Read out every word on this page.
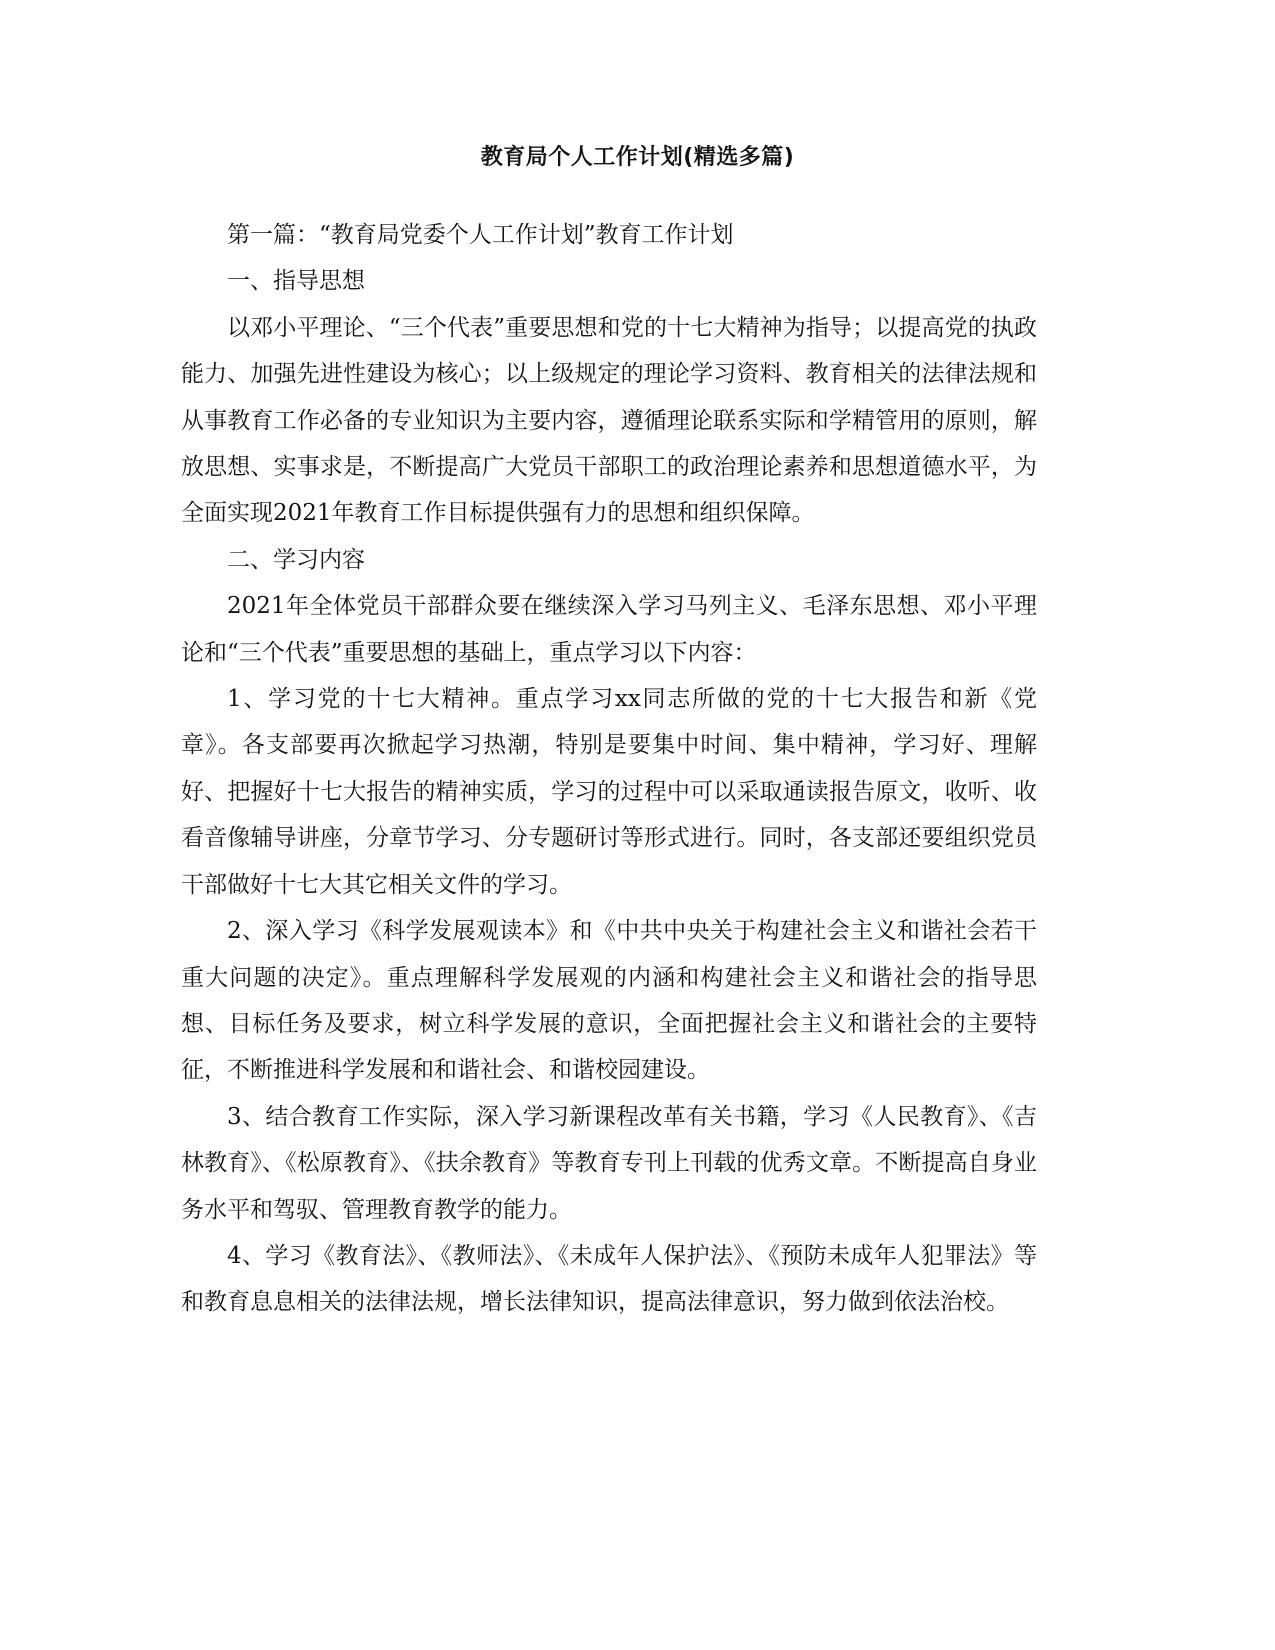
教育局个人工作计划(精选多篇)

第一篇：“教育局党委个人工作计划”教育工作计划

一、指导思想

以邓小平理论、“三个代表”重要思想和党的十七大精神为指导；以提高党的执政能力、加强先进性建设为核心；以上级规定的理论学习资料、教育相关的法律法规和从事教育工作必备的专业知识为主要内容，遵循理论联系实际和学精管用的原则，解放思想、实事求是，不断提高广大党员干部职工的政治理论素养和思想道德水平，为全面实现2021年教育工作目标提供强有力的思想和组织保障。

二、学习内容

2021年全体党员干部群众要在继续深入学习马列主义、毛泽东思想、邓小平理论和“三个代表”重要思想的基础上，重点学习以下内容：

1、学习党的十七大精神。重点学习xx同志所做的党的十七大报告和新《党章》。各支部要再次掀起学习热潮，特别是要集中时间、集中精神，学习好、理解好、把握好十七大报告的精神实质，学习的过程中可以采取通读报告原文，收听、收看音像辅导讲座，分章节学习、分专题研讨等形式进行。同时，各支部还要组织党员干部做好十七大其它相关文件的学习。

2、深入学习《科学发展观读本》和《中共中央关于构建社会主义和谐社会若干重大问题的决定》。重点理解科学发展观的内涵和构建社会主义和谐社会的指导思想、目标任务及要求，树立科学发展的意识，全面把握社会主义和谐社会的主要特征，不断推进科学发展和和谐社会、和谐校园建设。

3、结合教育工作实际，深入学习新课程改革有关书籍，学习《人民教育》、《吉林教育》、《松原教育》、《扶余教育》等教育专刊上刊载的优秀文章。不断提高自身业务水平和驾驭、管理教育教学的能力。

4、学习《教育法》、《教师法》、《未成年人保护法》、《预防未成年人犯罪法》等和教育息息相关的法律法规，增长法律知识，提高法律意识，努力做到依法治校。
